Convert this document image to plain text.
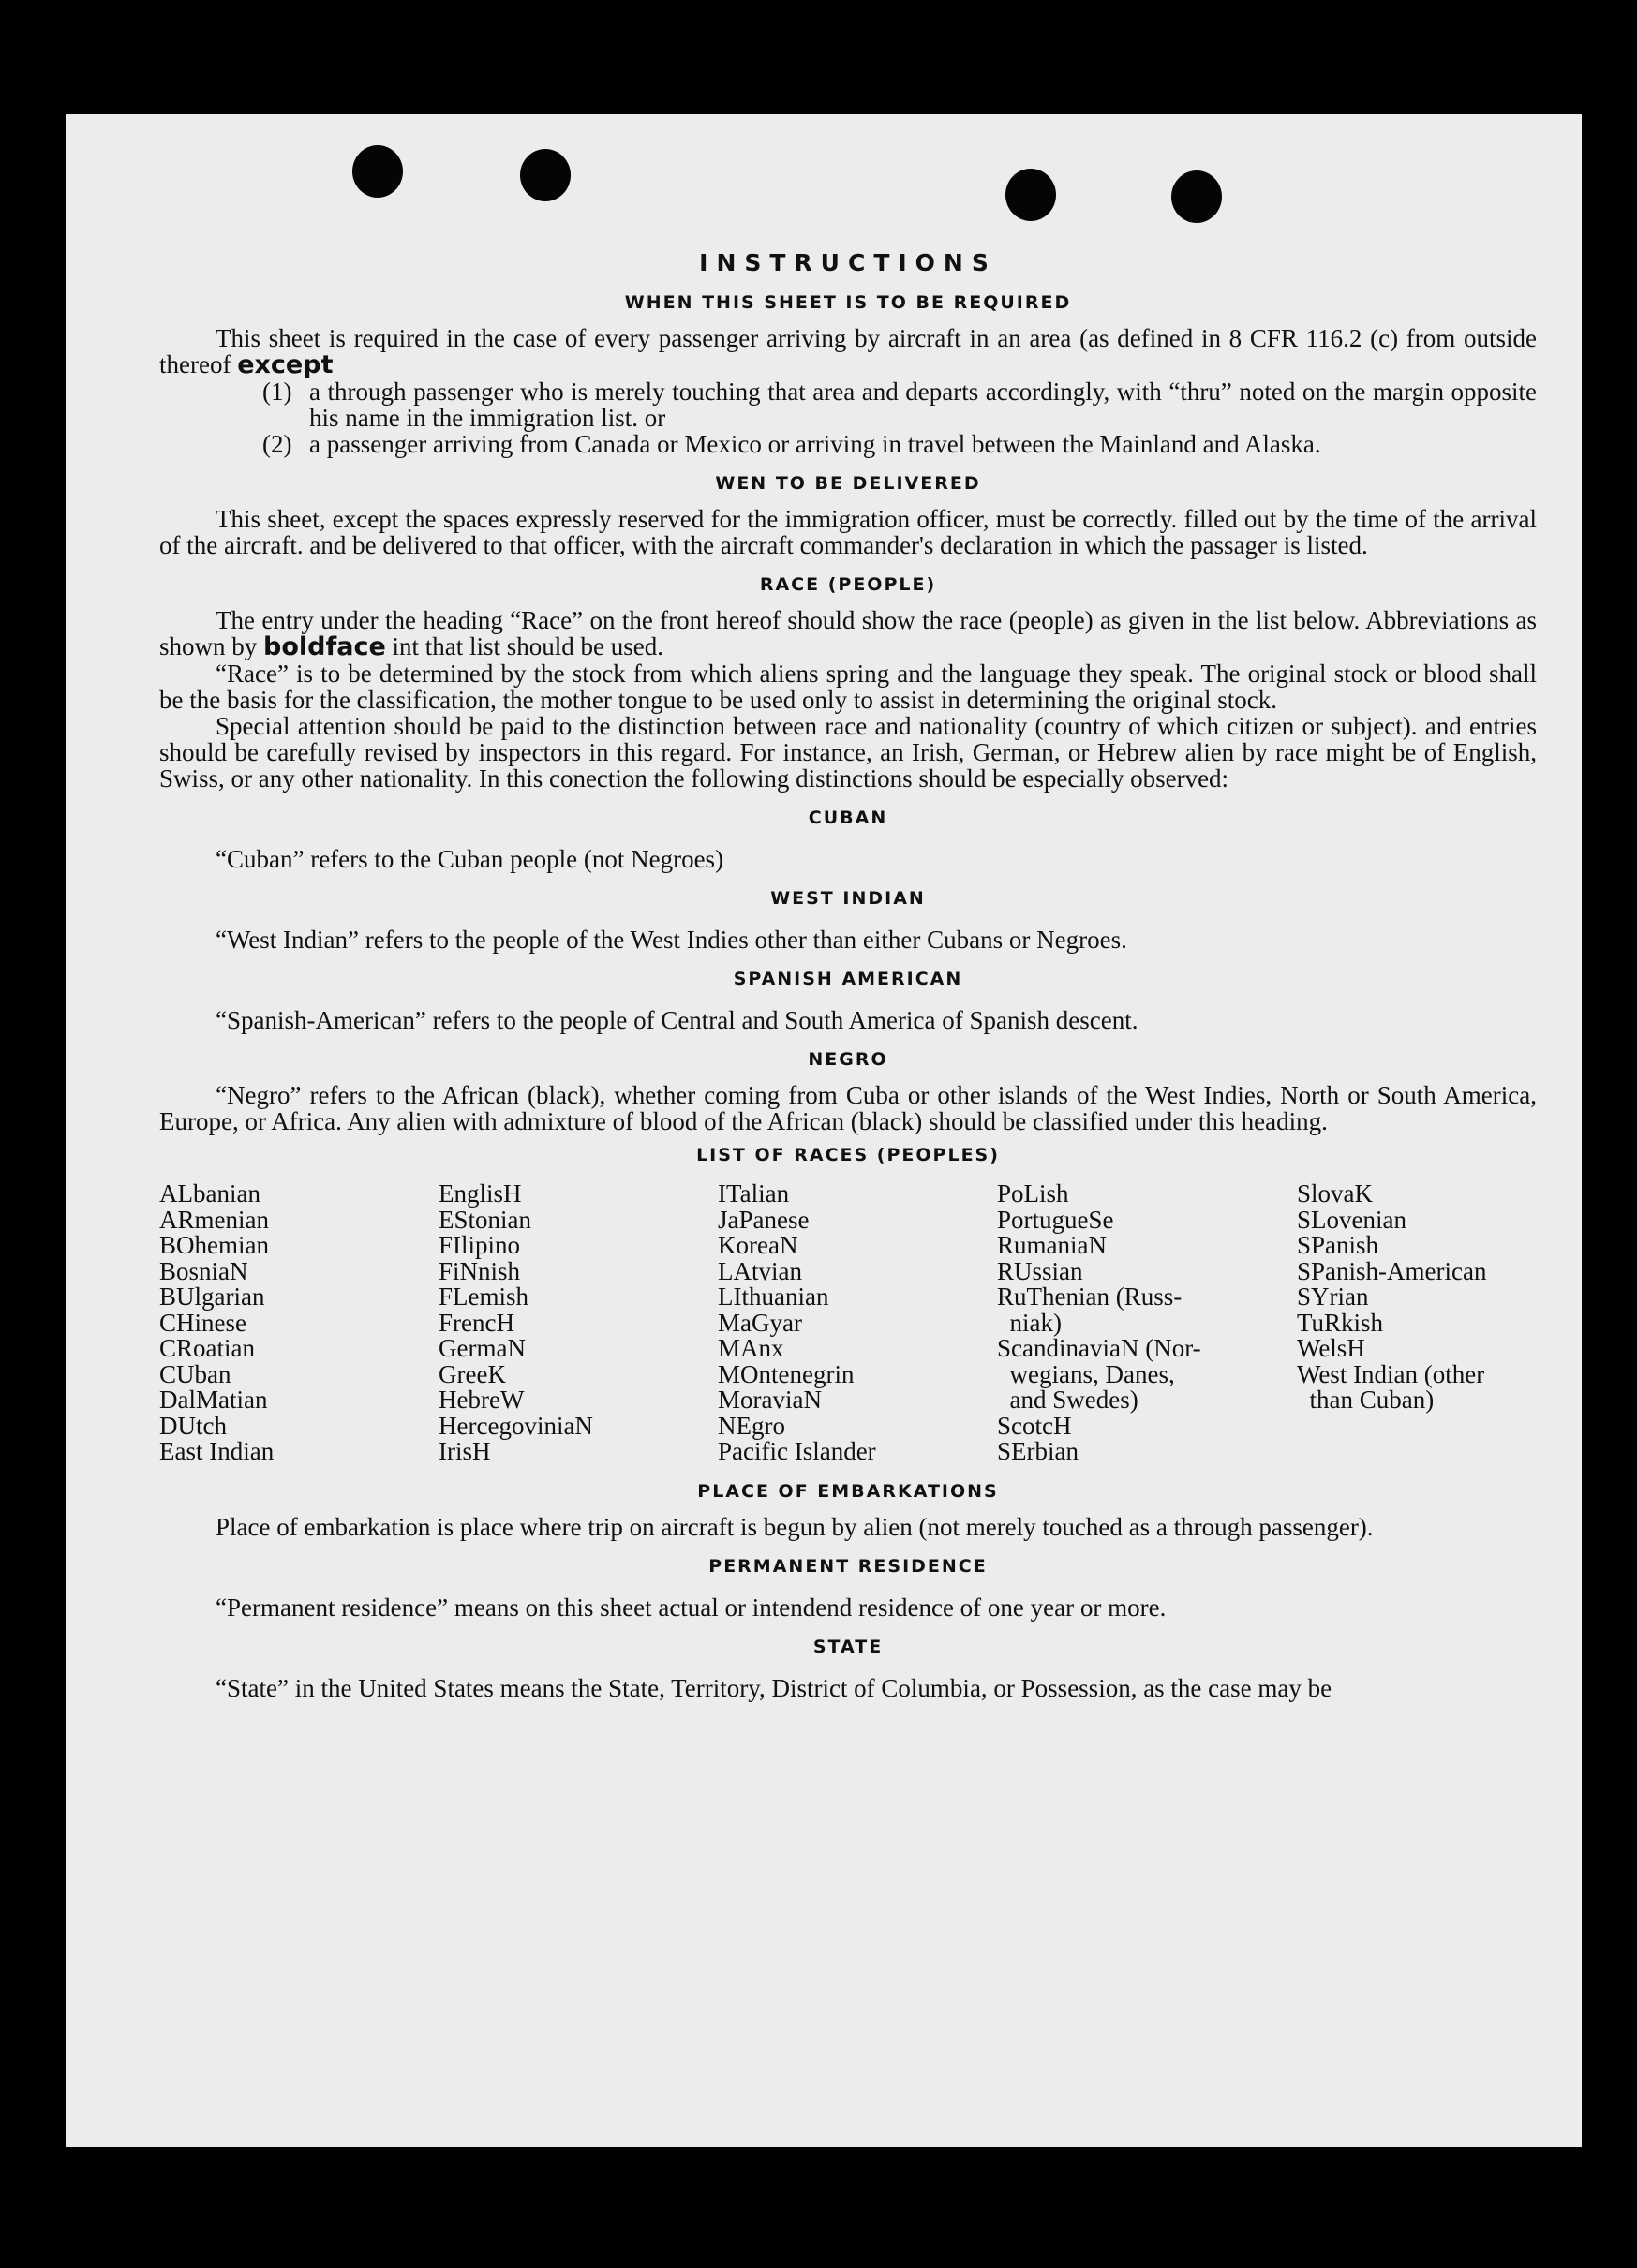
INSTRUCTIONS
WHEN THIS SHEET IS TO BE REQUIRED

This sheet is required in the case of every passenger arriving by aircraft in an area (as defined in 8 CFR 116.2 (c) from outside thereof except

(1) a through passenger who is merely touching that area and departs accordingly, with “thru” noted on the margin opposite his name in the immigration list. or
(2) a passenger arriving from Canada or Mexico or arriving in travel between the Mainland and Alaska.
WEN TO BE DELIVERED

This sheet, except the spaces expressly reserved for the immigration officer, must be correctly. filled out by the time of the arrival of the aircraft. and be delivered to that officer, with the aircraft commander's declaration in which the passager is listed.

RACE (PEOPLE)

The entry under the heading “Race” on the front hereof should show the race (people) as given in the list below. Abbreviations as shown by boldface int that list should be used.

“Race” is to be determined by the stock from which aliens spring and the language they speak. The original stock or blood shall be the basis for the classification, the mother tongue to be used only to assist in determining the original stock.

Special attention should be paid to the distinction between race and nationality (country of which citizen or subject). and entries should be carefully revised by inspectors in this regard. For instance, an Irish, German, or Hebrew alien by race might be of English, Swiss, or any other nationality. In this conection the following distinctions should be especially observed:

CUBAN
“Cuban” refers to the Cuban people (not Negroes)
WEST INDIAN
“West Indian” refers to the people of the West Indies other than either Cubans or Negroes.
SPANISH AMERICAN
“Spanish-American” refers to the people of Central and South America of Spanish descent.
NEGRO

“Negro” refers to the African (black), whether coming from Cuba or other islands of the West Indies, North or South America, Europe, or Africa. Any alien with admixture of blood of the African (black) should be classified under this heading.

LIST OF RACES (PEOPLES)
ALbanian
ARmenian
BOhemian
BosniaN
BUlgarian
CHinese
CRoatian
CUban
DalMatian
DUtch
East Indian
EnglisH
EStonian
FIlipino
FiNnish
FLemish
FrencH
GermaN
GreeK
HebreW
HercegoviniaN
IrisH
ITalian
JaPanese
KoreaN
LAtvian
LIthuanian
MaGyar
MAnx
MOntenegrin
MoraviaN
NEgro
Pacific Islander
PoLish
PortugueSe
RumaniaN
RUssian
RuThenian (Russ-
niak)
ScandinaviaN (Nor-
wegians, Danes,
and Swedes)
ScotcH
SErbian
SlovaK
SLovenian
SPanish
SPanish-American
SYrian
TuRkish
WelsH
West Indian (other
than Cuban)
PLACE OF EMBARKATIONS

Place of embarkation is place where trip on aircraft is begun by alien (not merely touched as a through passenger).

PERMANENT RESIDENCE
“Permanent residence” means on this sheet actual or intendend residence of one year or more.
STATE

“State” in the United States means the State, Territory, District of Columbia, or Possession, as the case may be
